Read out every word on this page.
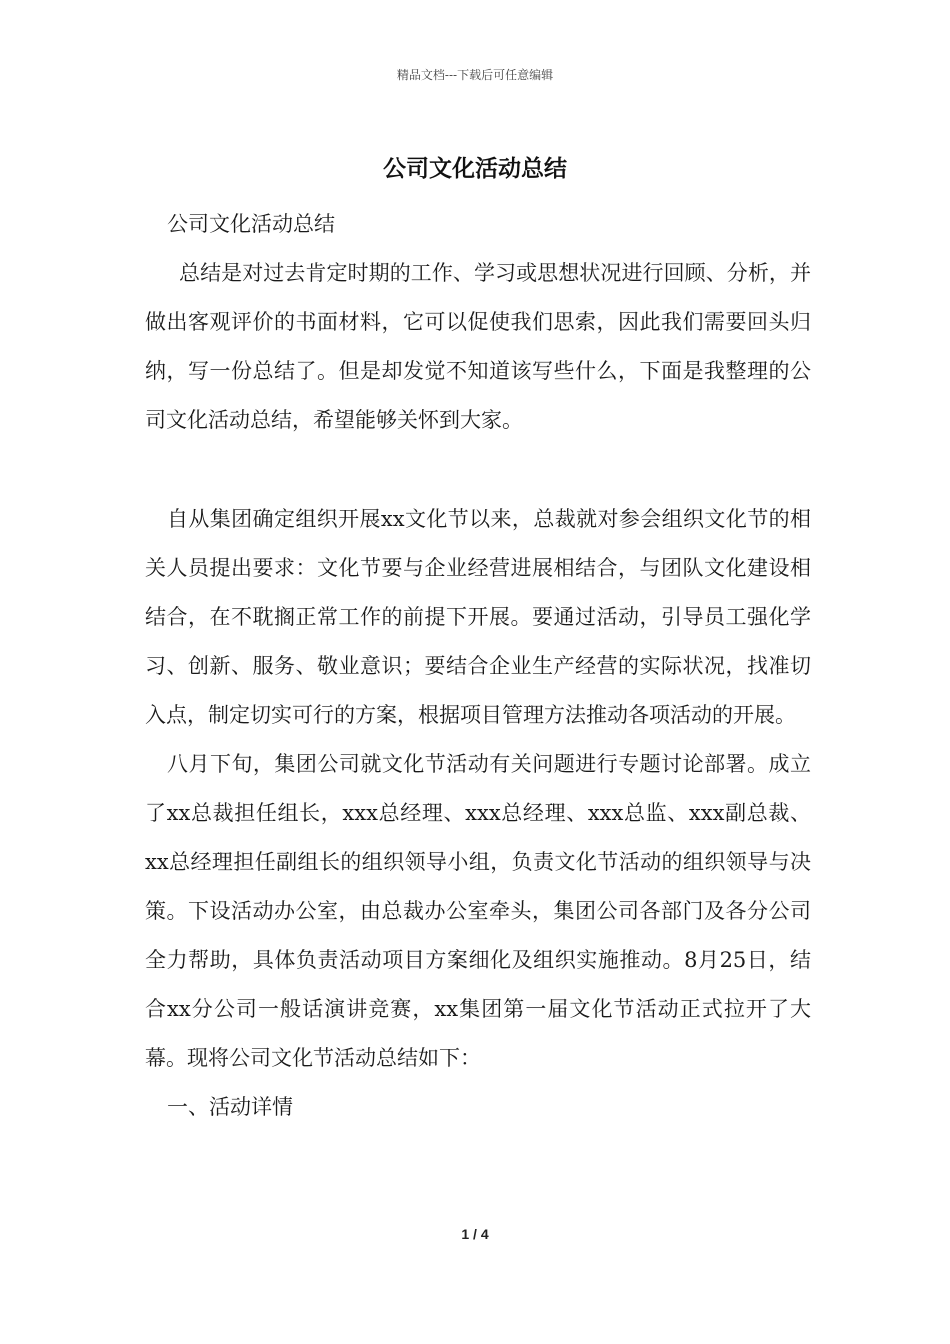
精品文档---下载后可任意编辑
公司文化活动总结

公司文化活动总结

总结是对过去肯定时期的工作、学习或思想状况进行回顾、分析，并做出客观评价的书面材料，它可以促使我们思索，因此我们需要回头归纳，写一份总结了。但是却发觉不知道该写些什么，下面是我整理的公司文化活动总结，希望能够关怀到大家。

自从集团确定组织开展xx文化节以来，总裁就对参会组织文化节的相关人员提出要求：文化节要与企业经营进展相结合，与团队文化建设相结合，在不耽搁正常工作的前提下开展。要通过活动，引导员工强化学习、创新、服务、敬业意识；要结合企业生产经营的实际状况，找准切入点，制定切实可行的方案，根据项目管理方法推动各项活动的开展。

八月下旬，集团公司就文化节活动有关问题进行专题讨论部署。成立了xx总裁担任组长，xxx总经理、xxx总经理、xxx总监、xxx副总裁、xx总经理担任副组长的组织领导小组，负责文化节活动的组织领导与决策。下设活动办公室，由总裁办公室牵头，集团公司各部门及各分公司全力帮助，具体负责活动项目方案细化及组织实施推动。8月25日，结合xx分公司一般话演讲竞赛，xx集团第一届文化节活动正式拉开了大幕。现将公司文化节活动总结如下：

一、活动详情

1 / 4
